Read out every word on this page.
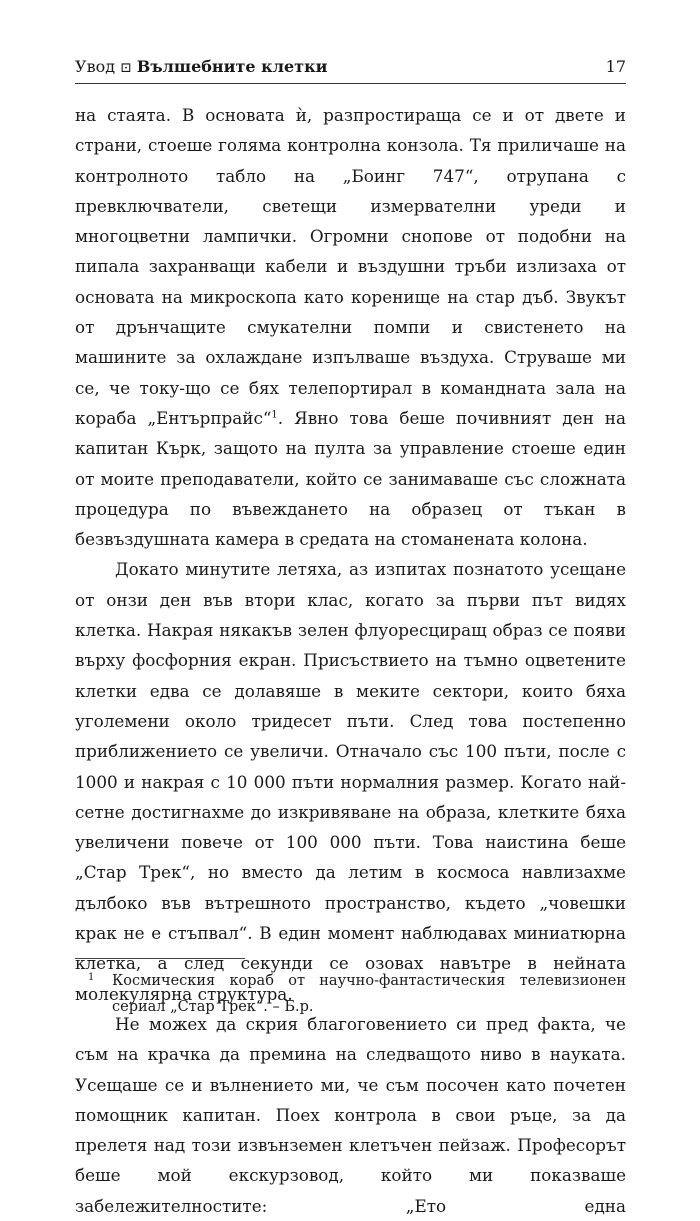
Увод ⊡ Вълшебните клетки	17

на стаята. В основата ѝ, разпростираща се и от двете и страни, стоеше голяма контролна конзола. Тя приличаше на контролното табло на „Боинг 747“, отрупана с превключватели, светещи измервателни уреди и многоцветни лампички. Огромни снопове от подобни на пипала захранващи кабели и въздушни тръби излизаха от основата на микроскопа като коренище на стар дъб. Звукът от дрънчащите смукателни помпи и свистенето на машините за охлаждане изпълваше въздуха. Струваше ми се, че току-що се бях телепортирал в командната зала на кораба „Ентърпрайс“$^1$. Явно това беше почивният ден на капитан Кърк, защото на пулта за управление стоеше един от моите преподаватели, който се занимаваше със сложната процедура по въвеждането на образец от тъкан в безвъздушната камера в средата на стоманената колона.

Докато минутите летяха, аз изпитах познатото усещане от онзи ден във втори клас, когато за първи път видях клетка. Накрая някакъв зелен флуоресциращ образ се появи върху фосфорния екран. Присъствието на тъмно оцветените клетки едва се долавяше в меките сектори, които бяха уголемени около тридесет пъти. След това постепенно приближението се увеличи. Отначало със 100 пъти, после с 1000 и накрая с 10 000 пъти нормалния размер. Когато най-сетне достигнахме до изкривяване на образа, клетките бяха увеличени повече от 100 000 пъти. Това наистина беше „Стар Трек“, но вместо да летим в космоса навлизахме дълбоко във вътрешното пространство, където „човешки крак не е стъпвал“. В един момент наблюдавах миниатюрна клетка, а след секунди се озовах навътре в нейната молекулярна структура.

Не можех да скрия благоговението си пред факта, че съм на крачка да премина на следващото ниво в науката. Усещаше се и вълнението ми, че съм посочен като почетен помощник капитан. Поех контрола в свои ръце, за да прелетя над този извънземен клетъчен пейзаж. Професорът беше мой екскурзовод, който ми показваше забележителностите: „Ето една

1	Космическия кораб от научно-фантастическия телевизионен сериал „Стар Трек“. – Б.р.
